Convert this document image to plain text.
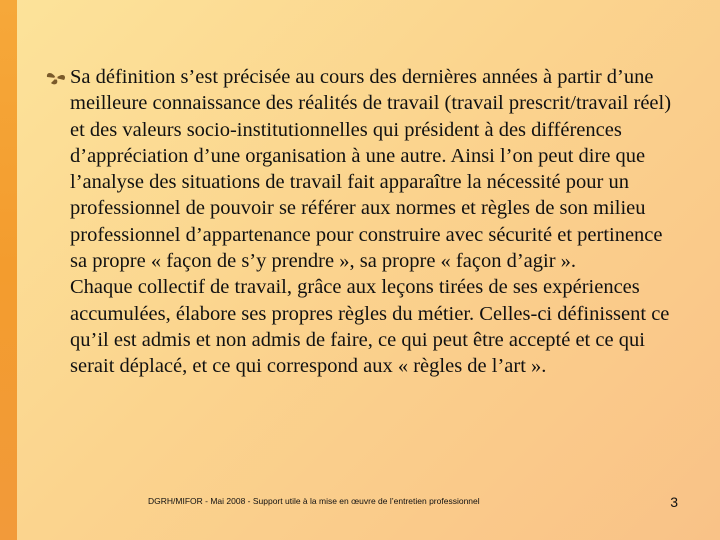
Sa définition s’est précisée au cours des dernières années à partir d’une meilleure connaissance des réalités de travail (travail prescrit/travail réel) et des valeurs socio-institutionnelles qui président à des différences d’appréciation d’une organisation à une autre. Ainsi l’on peut dire que l’analyse des situations de travail fait apparaître la nécessité pour un professionnel de pouvoir se référer aux normes et règles de son milieu professionnel d’appartenance pour construire avec sécurité et pertinence sa propre « façon de s’y prendre », sa propre « façon d’agir ».

Chaque collectif de travail, grâce aux leçons tirées de ses expériences accumulées, élabore ses propres règles du métier. Celles-ci définissent ce qu’il est admis et non admis de faire, ce qui peut être accepté et ce qui serait déplacé, et ce qui correspond aux « règles de l’art ».

DGRH/MIFOR - Mai 2008 - Support utile à la mise en œuvre de l’entretien professionnel	3
